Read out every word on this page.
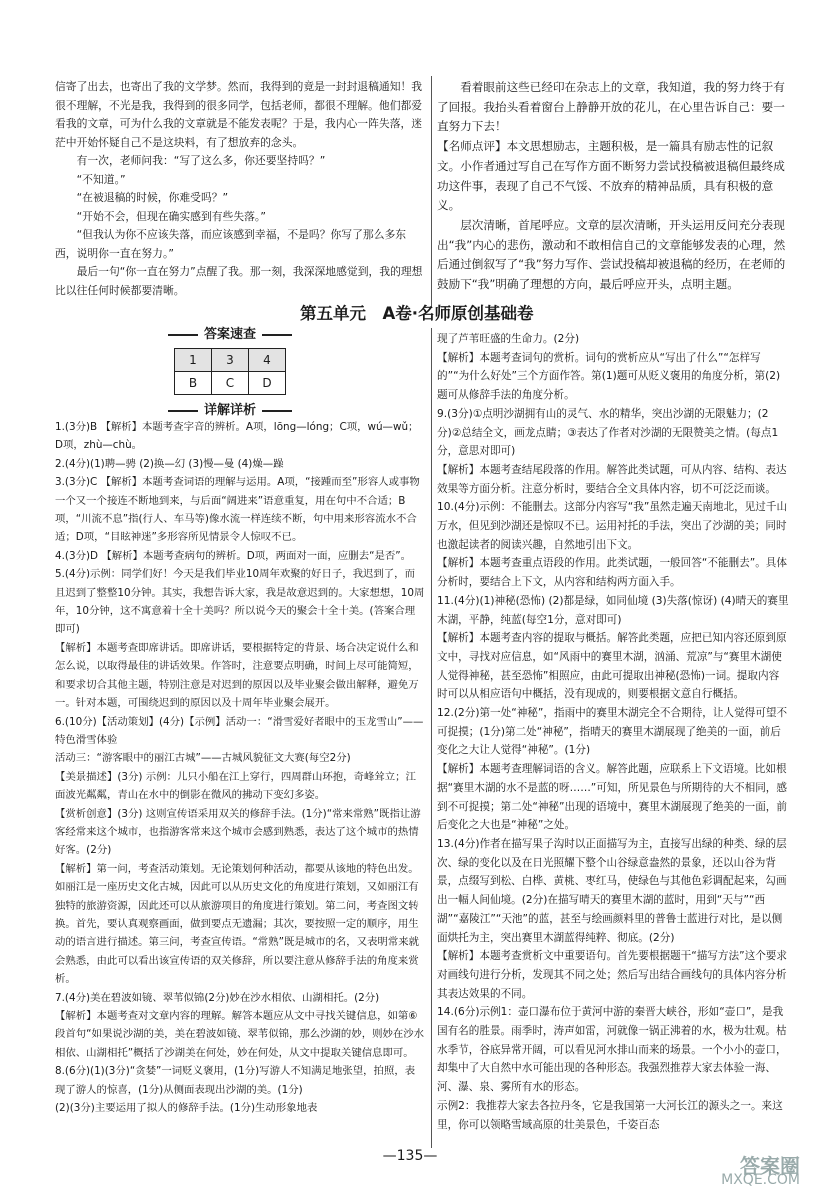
信寄了出去，也寄出了我的文学梦。然而，我得到的竟是一封封退稿通知！我很不理解，不光是我，我得到的很多同学，包括老师，都很不理解。他们都爱看我的文章，可为什么我的文章就是不能发表呢？于是，我内心一阵失落，迷茫中开始怀疑自己不是这块料，有了想放弃的念头。

有一次，老师问我：“写了这么多，你还要坚持吗？”

“不知道。”

“在被退稿的时候，你难受吗？”

“开始不会，但现在确实感到有些失落。”

“但我认为你不应该失落，而应该感到幸福，不是吗？你写了那么多东西，说明你一直在努力。”

最后一句“你一直在努力”点醒了我。那一刻，我深深地感觉到，我的理想比以往任何时候都要清晰。

看着眼前这些已经印在杂志上的文章，我知道，我的努力终于有了回报。我抬头看着窗台上静静开放的花儿，在心里告诉自己：要一直努力下去！

【名师点评】本文思想励志，主题积极，是一篇具有励志性的记叙文。小作者通过写自己在写作方面不断努力尝试投稿被退稿但最终成功这件事，表现了自己不气馁、不放弃的精神品质，具有积极的意义。

层次清晰，首尾呼应。文章的层次清晰，开头运用反问充分表现出“我”内心的悲伤，激动和不敢相信自己的文章能够发表的心理，然后通过倒叙写了“我”努力写作、尝试投稿却被退稿的经历，在老师的鼓励下“我”明确了理想的方向，最后呼应开头，点明主题。

第五单元　A卷·名师原创基础卷
答案速查
1	3	4
B	C	D
详解详析

1.(3分)B 【解析】本题考查字音的辨析。A项，lōng—lóng；C项，wú—wǔ；D项，zhù—chù。

2.(4分)(1)聘—骋 (2)换—幻 (3)慢—曼 (4)燥—躁

3.(3分)C 【解析】本题考查词语的理解与运用。A项，“接踵而至”形容人或事物一个又一个接连不断地到来，与后面“阔进来”语意重复，用在句中不合适；B项，“川流不息”指(行人、车马等)像水流一样连续不断，句中用来形容流水不合适；D项，“目眩神迷”多形容所见情景令人惊叹不已。

4.(3分)D 【解析】本题考查病句的辨析。D项，两面对一面，应删去“是否”。

5.(4分)示例：同学们好！今天是我们毕业10周年欢聚的好日子，我迟到了，而且迟到了整整10分钟。其实，我想告诉大家，我是故意迟到的。大家想想，10周年，10分钟，这不寓意着十全十美吗？所以说今天的聚会十全十美。(答案合理即可)

【解析】本题考查即席讲话。即席讲话，要根据特定的背景、场合决定说什么和怎么说，以取得最佳的讲话效果。作答时，注意要点明确，时间上尽可能简短，和要求切合其他主题，特别注意是对迟到的原因以及毕业聚会做出解释，避免万一。针对本题，可围绕迟到的原因以及十周年毕业聚会展开。

6.(10分)【活动策划】(4分)【示例】活动一：“滑雪爱好者眼中的玉龙雪山”——特色滑雪体验

活动三：“游客眼中的丽江古城”——古城风貌征文大赛(每空2分)

【美景描述】(3分) 示例：儿只小船在江上穿行，四周群山环抱，奇峰耸立；江面波光粼粼，青山在水中的倒影在微风的拂动下变幻多姿。

【赏析创意】(3分) 这则宣传语采用双关的修辞手法。(1分)“常来常熟”既指让游客经常来这个城市，也指游客常来这个城市会感到熟悉，表达了这个城市的热情好客。(2分)

【解析】第一问，考查活动策划。无论策划何种活动，都要从该地的特色出发。如丽江是一座历史文化古城，因此可以从历史文化的角度进行策划，又如丽江有独特的旅游资源，因此还可以从旅游项目的角度进行策划。第二问，考查图文转换。首先，要认真观察画面，做到要点无遗漏；其次，要按照一定的顺序，用生动的语言进行描述。第三问，考查宣传语。“常熟”既是城市的名，又表明常来就会熟悉，由此可以看出该宣传语的双关修辞，所以要注意从修辞手法的角度来赏析。

7.(4分)美在碧波如镜、翠苇似锦(2分)妙在沙水相依、山湖相托。(2分)

【解析】本题考查对文章内容的理解。解答本题应从文中寻找关键信息，如第⑥段首句“如果说沙湖的美，美在碧波如镜、翠苇似锦，那么沙湖的妙，则妙在沙水相依、山湖相托”概括了沙湖美在何处，妙在何处，从文中提取关键信息即可。

8.(6分)(1)(3分)“贪婪”一词贬义褒用，(1分)写游人不知满足地张望，拍照，表现了游人的惊喜，(1分)从侧面表现出沙湖的美。(1分)

(2)(3分)主要运用了拟人的修辞手法。(1分)生动形象地表

现了芦苇旺盛的生命力。(2分)

【解析】本题考查词句的赏析。词句的赏析应从“写出了什么”“怎样写的”“为什么好处”三个方面作答。第(1)题可从贬义褒用的角度分析，第(2)题可从修辞手法的角度分析。

9.(3分)①点明沙湖拥有山的灵气、水的精华，突出沙湖的无限魅力；(2分)②总结全文，画龙点睛；③表达了作者对沙湖的无限赞美之情。(每点1分，意思对即可)

【解析】本题考查结尾段落的作用。解答此类试题，可从内容、结构、表达效果等方面分析。注意分析时，要结合全文具体内容，切不可泛泛而谈。

10.(4分)示例：不能删去。这部分内容写“我”虽然走遍天南地北，见过千山万水，但见到沙湖还是惊叹不已。运用衬托的手法，突出了沙湖的美；同时也激起读者的阅读兴趣，自然地引出下文。

【解析】本题考查重点语段的作用。此类试题，一般回答“不能删去”。具体分析时，要结合上下文，从内容和结构两方面入手。

11.(4分)(1)神秘(恐怖) (2)都是绿，如同仙境 (3)失落(惊讶) (4)晴天的赛里木湖，平静，纯蓝(每空1分，意对即可)

【解析】本题考查内容的提取与概括。解答此类题，应把已知内容还原到原文中，寻找对应信息，如“风雨中的赛里木湖，汹涌、荒凉”与“赛里木湖使人觉得神秘，甚至恐怖”相照应，由此可提取出神秘(恐怖)一词。提取内容时可以从相应语句中概括，没有现成的，则要根据文意自行概括。

12.(2分)第一处“神秘”，指雨中的赛里木湖完全不合期待，让人觉得可望不可捉摸；(1分)第二处“神秘”，指晴天的赛里木湖展现了绝美的一面，前后变化之大让人觉得“神秘”。(1分)

【解析】本题考查理解词语的含义。解答此题，应联系上下文语境。比如根据“赛里木湖的水不是蓝的呀……”可知，所见景色与所期待的大不相同，感到不可捉摸；第二处“神秘”出现的语境中，赛里木湖展现了绝美的一面，前后变化之大也是“神秘”之处。

13.(4分)作者在描写果子沟时以正面描写为主，直接写出绿的种类、绿的层次、绿的变化以及在日光照耀下整个山谷绿意盎然的景象，还以山谷为背景，点缀写到松、白桦、黄桃、枣红马，使绿色与其他色彩调配起来，勾画出一幅人间仙境。(2分)在描写晴天的赛里木湖的蓝时，用到“天与”“西湖”“嘉陵江”“天池”的蓝，甚至与绘画颜料里的普鲁士蓝进行对比，是以侧面烘托为主，突出赛里木湖蓝得纯粹、彻底。(2分)

【解析】本题考查赏析文中重要语句。首先要根据题干“描写方法”这个要求对画线句进行分析，发现其不同之处；然后写出结合画线句的具体内容分析其表达效果的不同。

14.(6分)示例1：壶口瀑布位于黄河中游的秦晋大峡谷，形如“壶口”，是我国有名的胜景。雨季时，涛声如雷，河就像一锅正沸着的水，极为壮观。枯水季节，谷底异常开阔，可以看见河水排山而来的场景。一个小小的壶口，却集中了大自然中水可能出现的各种形态。我强烈推荐大家去体验一海、河、瀑、泉、雾所有水的形态。

示例2：我推荐大家去各拉丹冬，它是我国第一大河长江的源头之一。来这里，你可以领略雪域高原的壮美景色，千姿百态

—135—	答案圈
MXQE.COM
